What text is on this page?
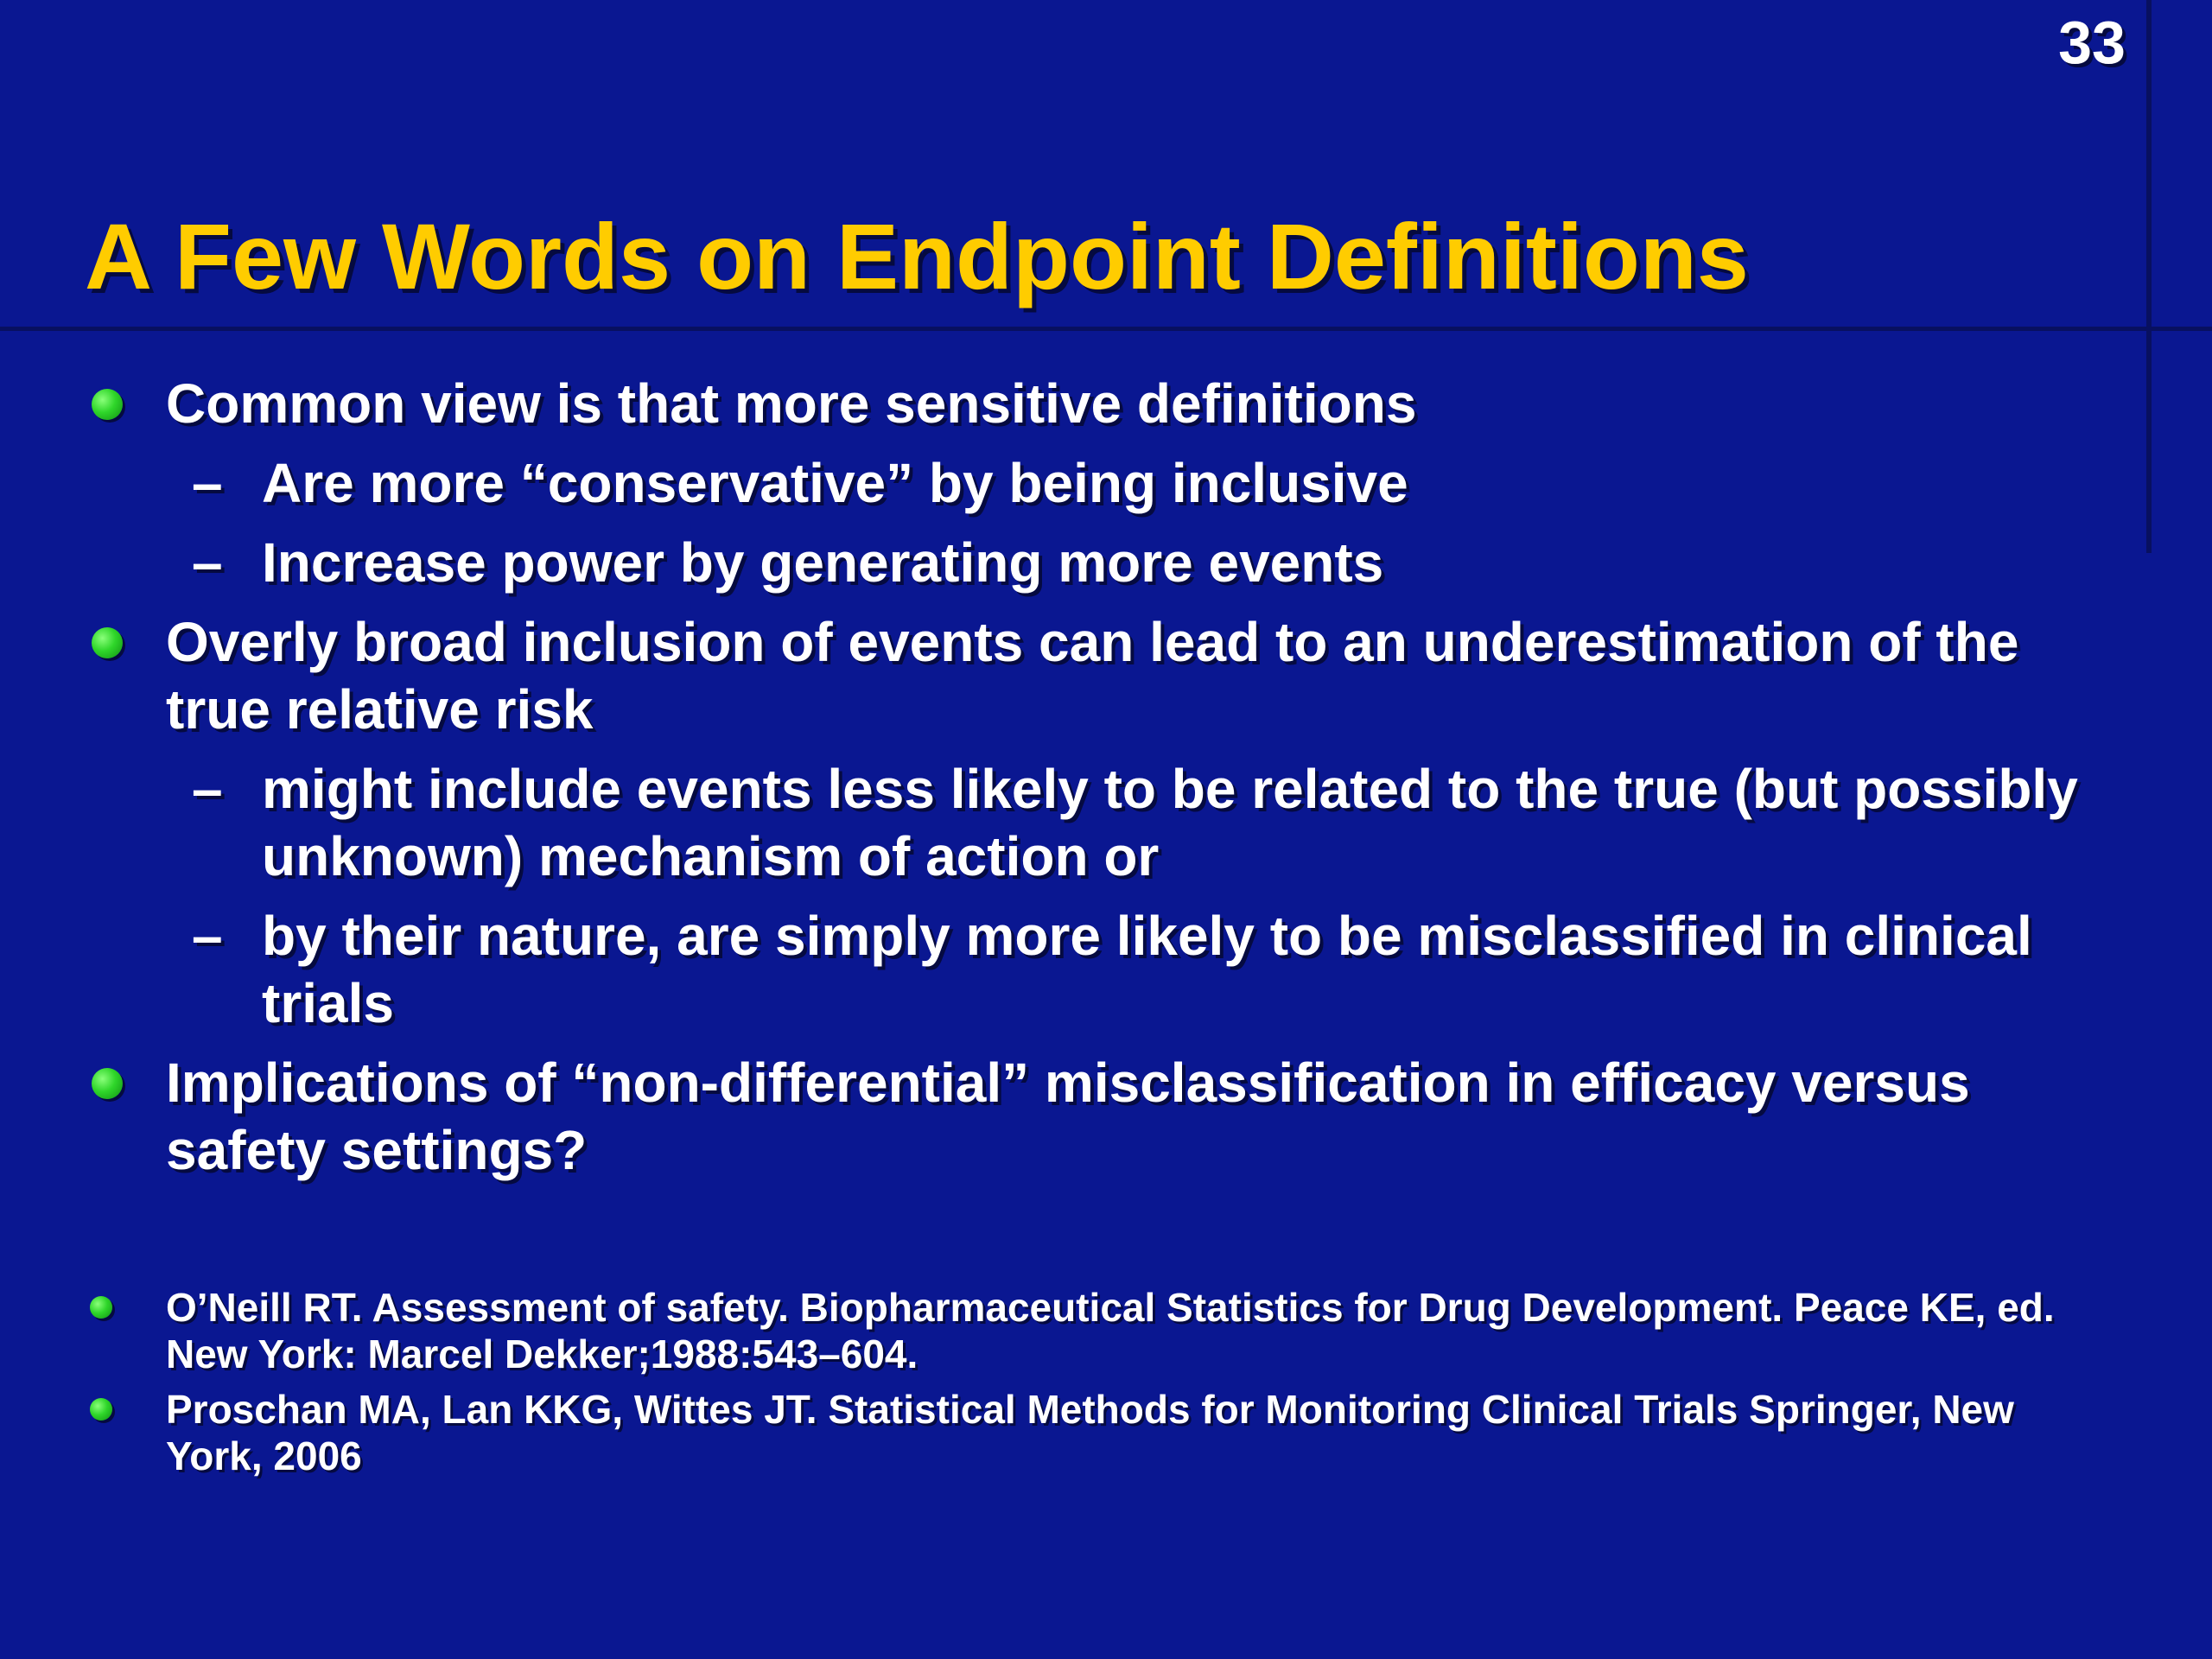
33
A Few Words on Endpoint Definitions
Common view is that more sensitive definitions
– Are more “conservative” by being inclusive
– Increase power by generating more events
Overly broad inclusion of events can lead to an underestimation of the true relative risk
– might include events less likely to be related to the true (but possibly unknown) mechanism of action or
– by their nature, are simply more likely to be misclassified in clinical trials
Implications of “non-differential” misclassification in efficacy versus safety settings?
O’Neill RT. Assessment of safety. Biopharmaceutical Statistics for Drug Development. Peace KE, ed. New York: Marcel Dekker;1988:543–604.
Proschan MA, Lan KKG, Wittes JT. Statistical Methods for Monitoring Clinical Trials Springer, New York, 2006
